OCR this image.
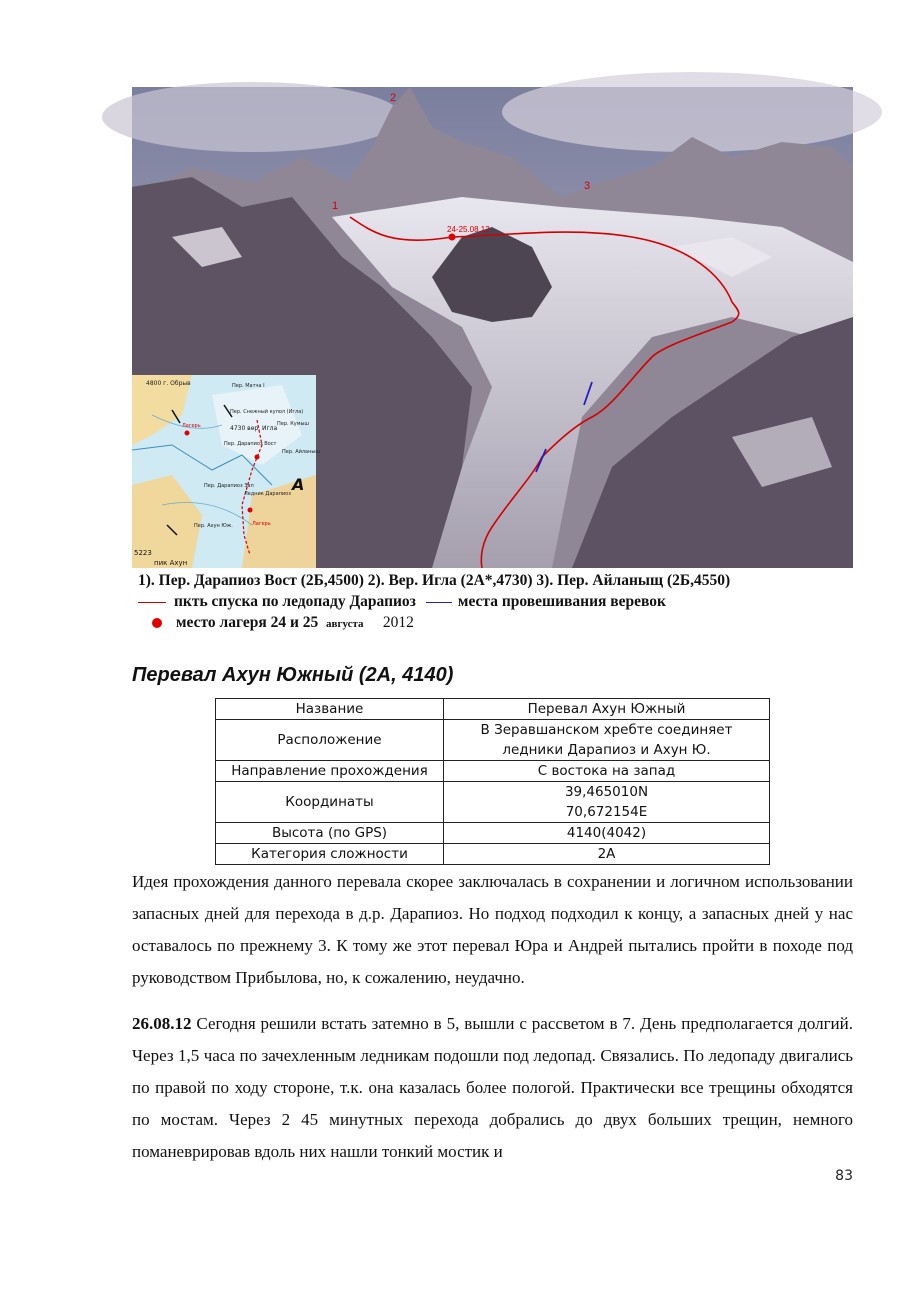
2
1
3
24-25.08.12
4800 г. Обрыв	Пер. Матча І
Пер. Снежный купол (Игла)
4730 вер. Игла
Пер. Кумыш
Пер. Дарапиоз Вост
Пер. Айланыш
Лагерь
Пер. Дарапиоз Зап
Ледник Дарапиоз
Пер. Ахун Юж.	Лагерь
5223
пик Ахун
A
1). Пер. Дарапиоз Вост (2Б,4500) 2). Вер. Игла (2А*,4730) 3). Пер. Айланыщ (2Б,4550)
пкть спуска по ледопаду Дарапиоз	места провешивания веревок
место лагеря 24 и 25 августа 2012
Перевал Ахун Южный (2А, 4140)
Название	Перевал Ахун Южный
Расположение	В Зеравшанском хребте соединяет
ледники Дарапиоз и Ахун Ю.

Направление прохождения	С востока на запад
Координаты	39,465010N
70,672154E

Высота (по GPS)	4140(4042)
Категория сложности	2А
Идея прохождения данного перевала скорее заключалась в сохранении и логичном использовании запасных дней для перехода в д.р. Дарапиоз. Но подход подходил к концу, а запасных дней у нас оставалось по прежнему 3. К тому же этот перевал Юра и Андрей пытались пройти в походе под руководством Прибылова, но, к сожалению, неудачно.
26.08.12 Сегодня решили встать затемно в 5, вышли с рассветом в 7. День предполагается долгий. Через 1,5 часа по зачехленным ледникам подошли под ледопад. Связались. По ледопаду двигались по правой по ходу стороне, т.к. она казалась более пологой. Практически все трещины обходятся по мостам. Через 2 45 минутных перехода добрались до двух больших трещин, немного поманеврировав вдоль них нашли тонкий мостик и
83
